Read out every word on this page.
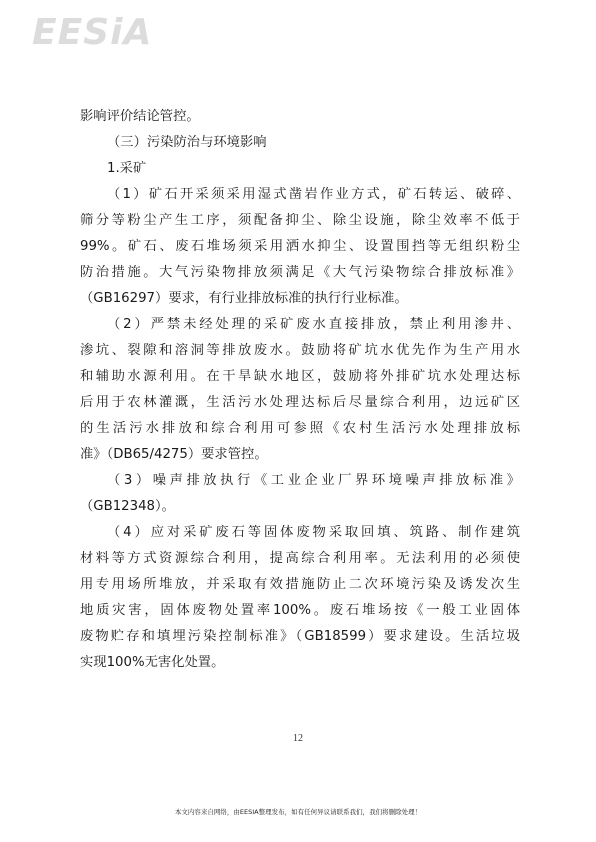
EESiA
影响评价结论管控。
（三）污染防治与环境影响
1.采矿
（1）矿石开采须采用湿式凿岩作业方式，矿石转运、破碎、
筛分等粉尘产生工序，须配备抑尘、除尘设施，除尘效率不低于
99%。矿石、废石堆场须采用洒水抑尘、设置围挡等无组织粉尘
防治措施。大气污染物排放须满足《大气污染物综合排放标准》
（GB16297）要求，有行业排放标准的执行行业标准。
（2）严禁未经处理的采矿废水直接排放，禁止利用渗井、
渗坑、裂隙和溶洞等排放废水。鼓励将矿坑水优先作为生产用水
和辅助水源利用。在干旱缺水地区，鼓励将外排矿坑水处理达标
后用于农林灌溉，生活污水处理达标后尽量综合利用，边远矿区
的生活污水排放和综合利用可参照《农村生活污水处理排放标
准》（DB65/4275）要求管控。
（3）噪声排放执行《工业企业厂界环境噪声排放标准》
（GB12348）。
（4）应对采矿废石等固体废物采取回填、筑路、制作建筑
材料等方式资源综合利用，提高综合利用率。无法利用的必须使
用专用场所堆放，并采取有效措施防止二次环境污染及诱发次生
地质灾害，固体废物处置率100%。废石堆场按《一般工业固体
废物贮存和填埋污染控制标准》（GB18599）要求建设。生活垃圾
实现100%无害化处置。
12
本文内容来自网络，由EESIA整理发布，如有任何异议请联系我们，我们将删除处理！
